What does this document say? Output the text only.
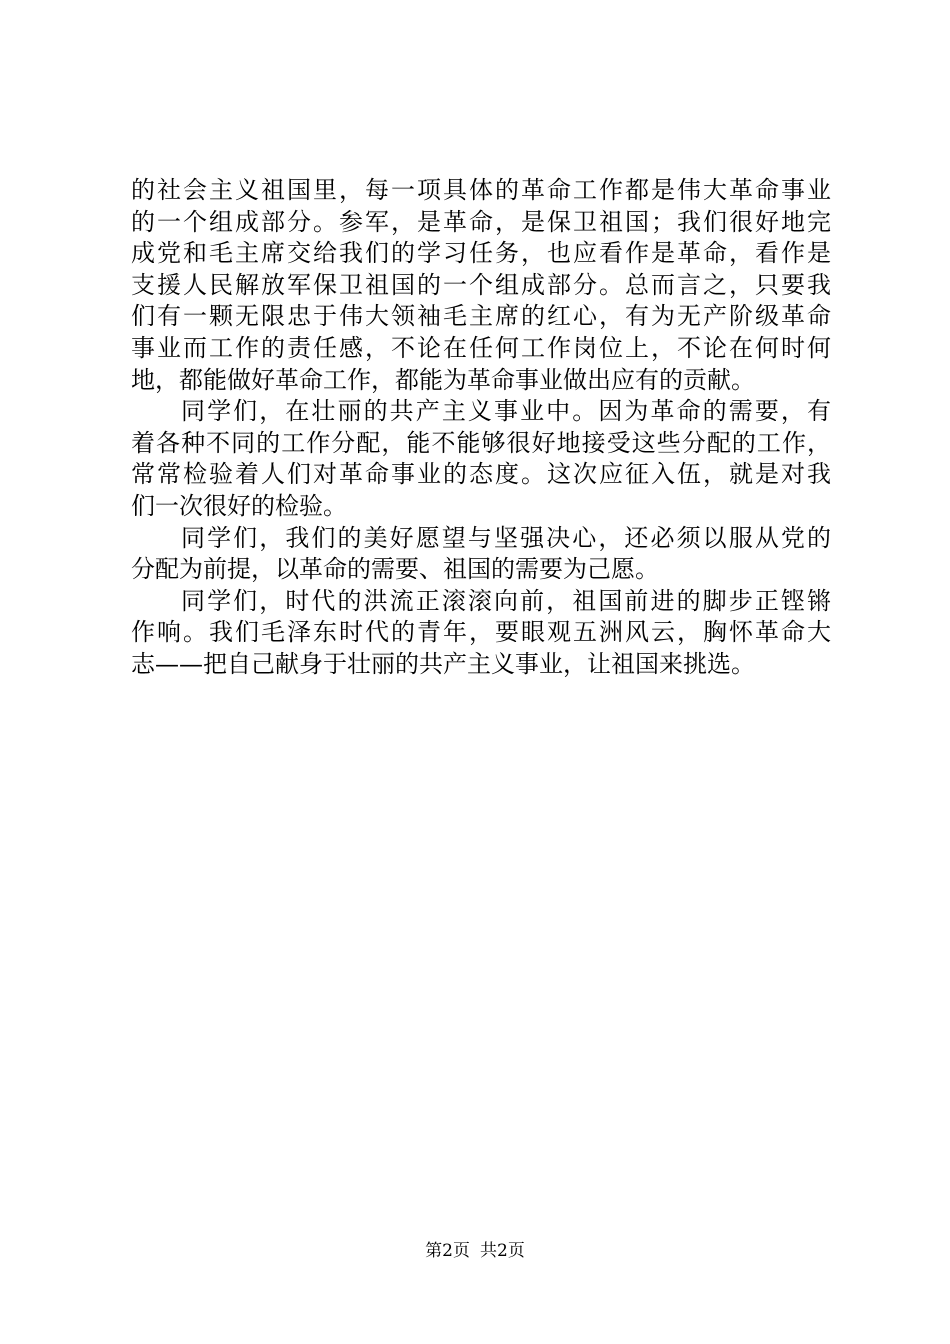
的社会主义祖国里，每一项具体的革命工作都是伟大革命事业
的一个组成部分。参军，是革命，是保卫祖国；我们很好地完
成党和毛主席交给我们的学习任务，也应看作是革命，看作是
支援人民解放军保卫祖国的一个组成部分。总而言之，只要我
们有一颗无限忠于伟大领袖毛主席的红心，有为无产阶级革命
事业而工作的责任感，不论在任何工作岗位上，不论在何时何
地，都能做好革命工作，都能为革命事业做出应有的贡献。
同学们，在壮丽的共产主义事业中。因为革命的需要，有
着各种不同的工作分配，能不能够很好地接受这些分配的工作，
常常检验着人们对革命事业的态度。这次应征入伍，就是对我
们一次很好的检验。
同学们，我们的美好愿望与坚强决心，还必须以服从党的
分配为前提，以革命的需要、祖国的需要为己愿。
同学们，时代的洪流正滚滚向前，祖国前进的脚步正铿锵
作响。我们毛泽东时代的青年，要眼观五洲风云，胸怀革命大
志——把自己献身于壮丽的共产主义事业，让祖国来挑选。
第2页 共2页
